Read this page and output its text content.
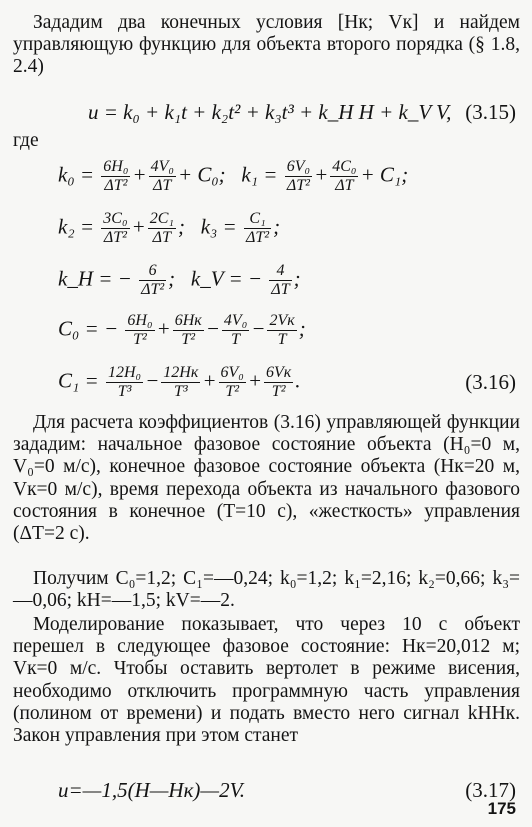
Зададим два конечных условия [Hк; Vк] и найдем управляющую функцию для объекта второго порядка (§ 1.8, 2.4)

u = k₀ + k₁t + k₂t² + k₃t³ + k_H H + k_V V, (3.15)
где
$k_0 = \frac{\text{6H₀}}{\text{ΔT²}} + \frac{\text{4V₀}}{\Delta T} + C_0$; $k_1 = \frac{\text{6V₀}}{\text{ΔT²}} + \frac{\text{4C₀}}{\Delta T} + C_1$;
$k_2 = \frac{\text{3C₀}}{\text{ΔT²}} + \frac{\text{2C₁}}{\Delta T}$ ; $k_3 = \frac{\text{C₁}}{\text{ΔT²}}$ ;
k_H = − $\frac{6}{\text{ΔT²}}$ ; k_V = − $\frac{4}{\Delta T}$ ;
C₀ = − $\frac{\text{6H₀}}{\text{T²}} + \frac{6Hк}{\text{T²}} - \frac{\text{4V₀}}{T} - \frac{2Vк}{T}$ ;
$C_1 = \frac{\text{12H₀}}{\text{T³}} - \frac{12Hк}{\text{T³}} + \frac{\text{6V₀}}{\text{T²}} + \frac{6Vк}{\text{T²}}$ .	(3.16)

Для расчета коэффициентов (3.16) управляющей функции зададим: начальное фазовое состояние объекта (H₀=0 м, V₀=0 м/с), конечное фазовое состояние объекта (Hк=20 м, Vк=0 м/с), время перехода объекта из начального фазового состояния в конечное (T=10 с), «жесткость» управления (ΔT=2 с).

Получим C₀=1,2; C₁=—0,24; k₀=1,2; k₁=2,16; k₂=0,66; k₃=—0,06; kH=—1,5; kV=—2.

Моделирование показывает, что через 10 с объект перешел в следующее фазовое состояние: Hк=20,012 м; Vк=0 м/с. Чтобы оставить вертолет в режиме висения, необходимо отключить программную часть управления (полином от времени) и подать вместо него сигнал kHHк. Закон управления при этом станет

u=—1,5(H—Hк)—2V.	(3.17)
175
